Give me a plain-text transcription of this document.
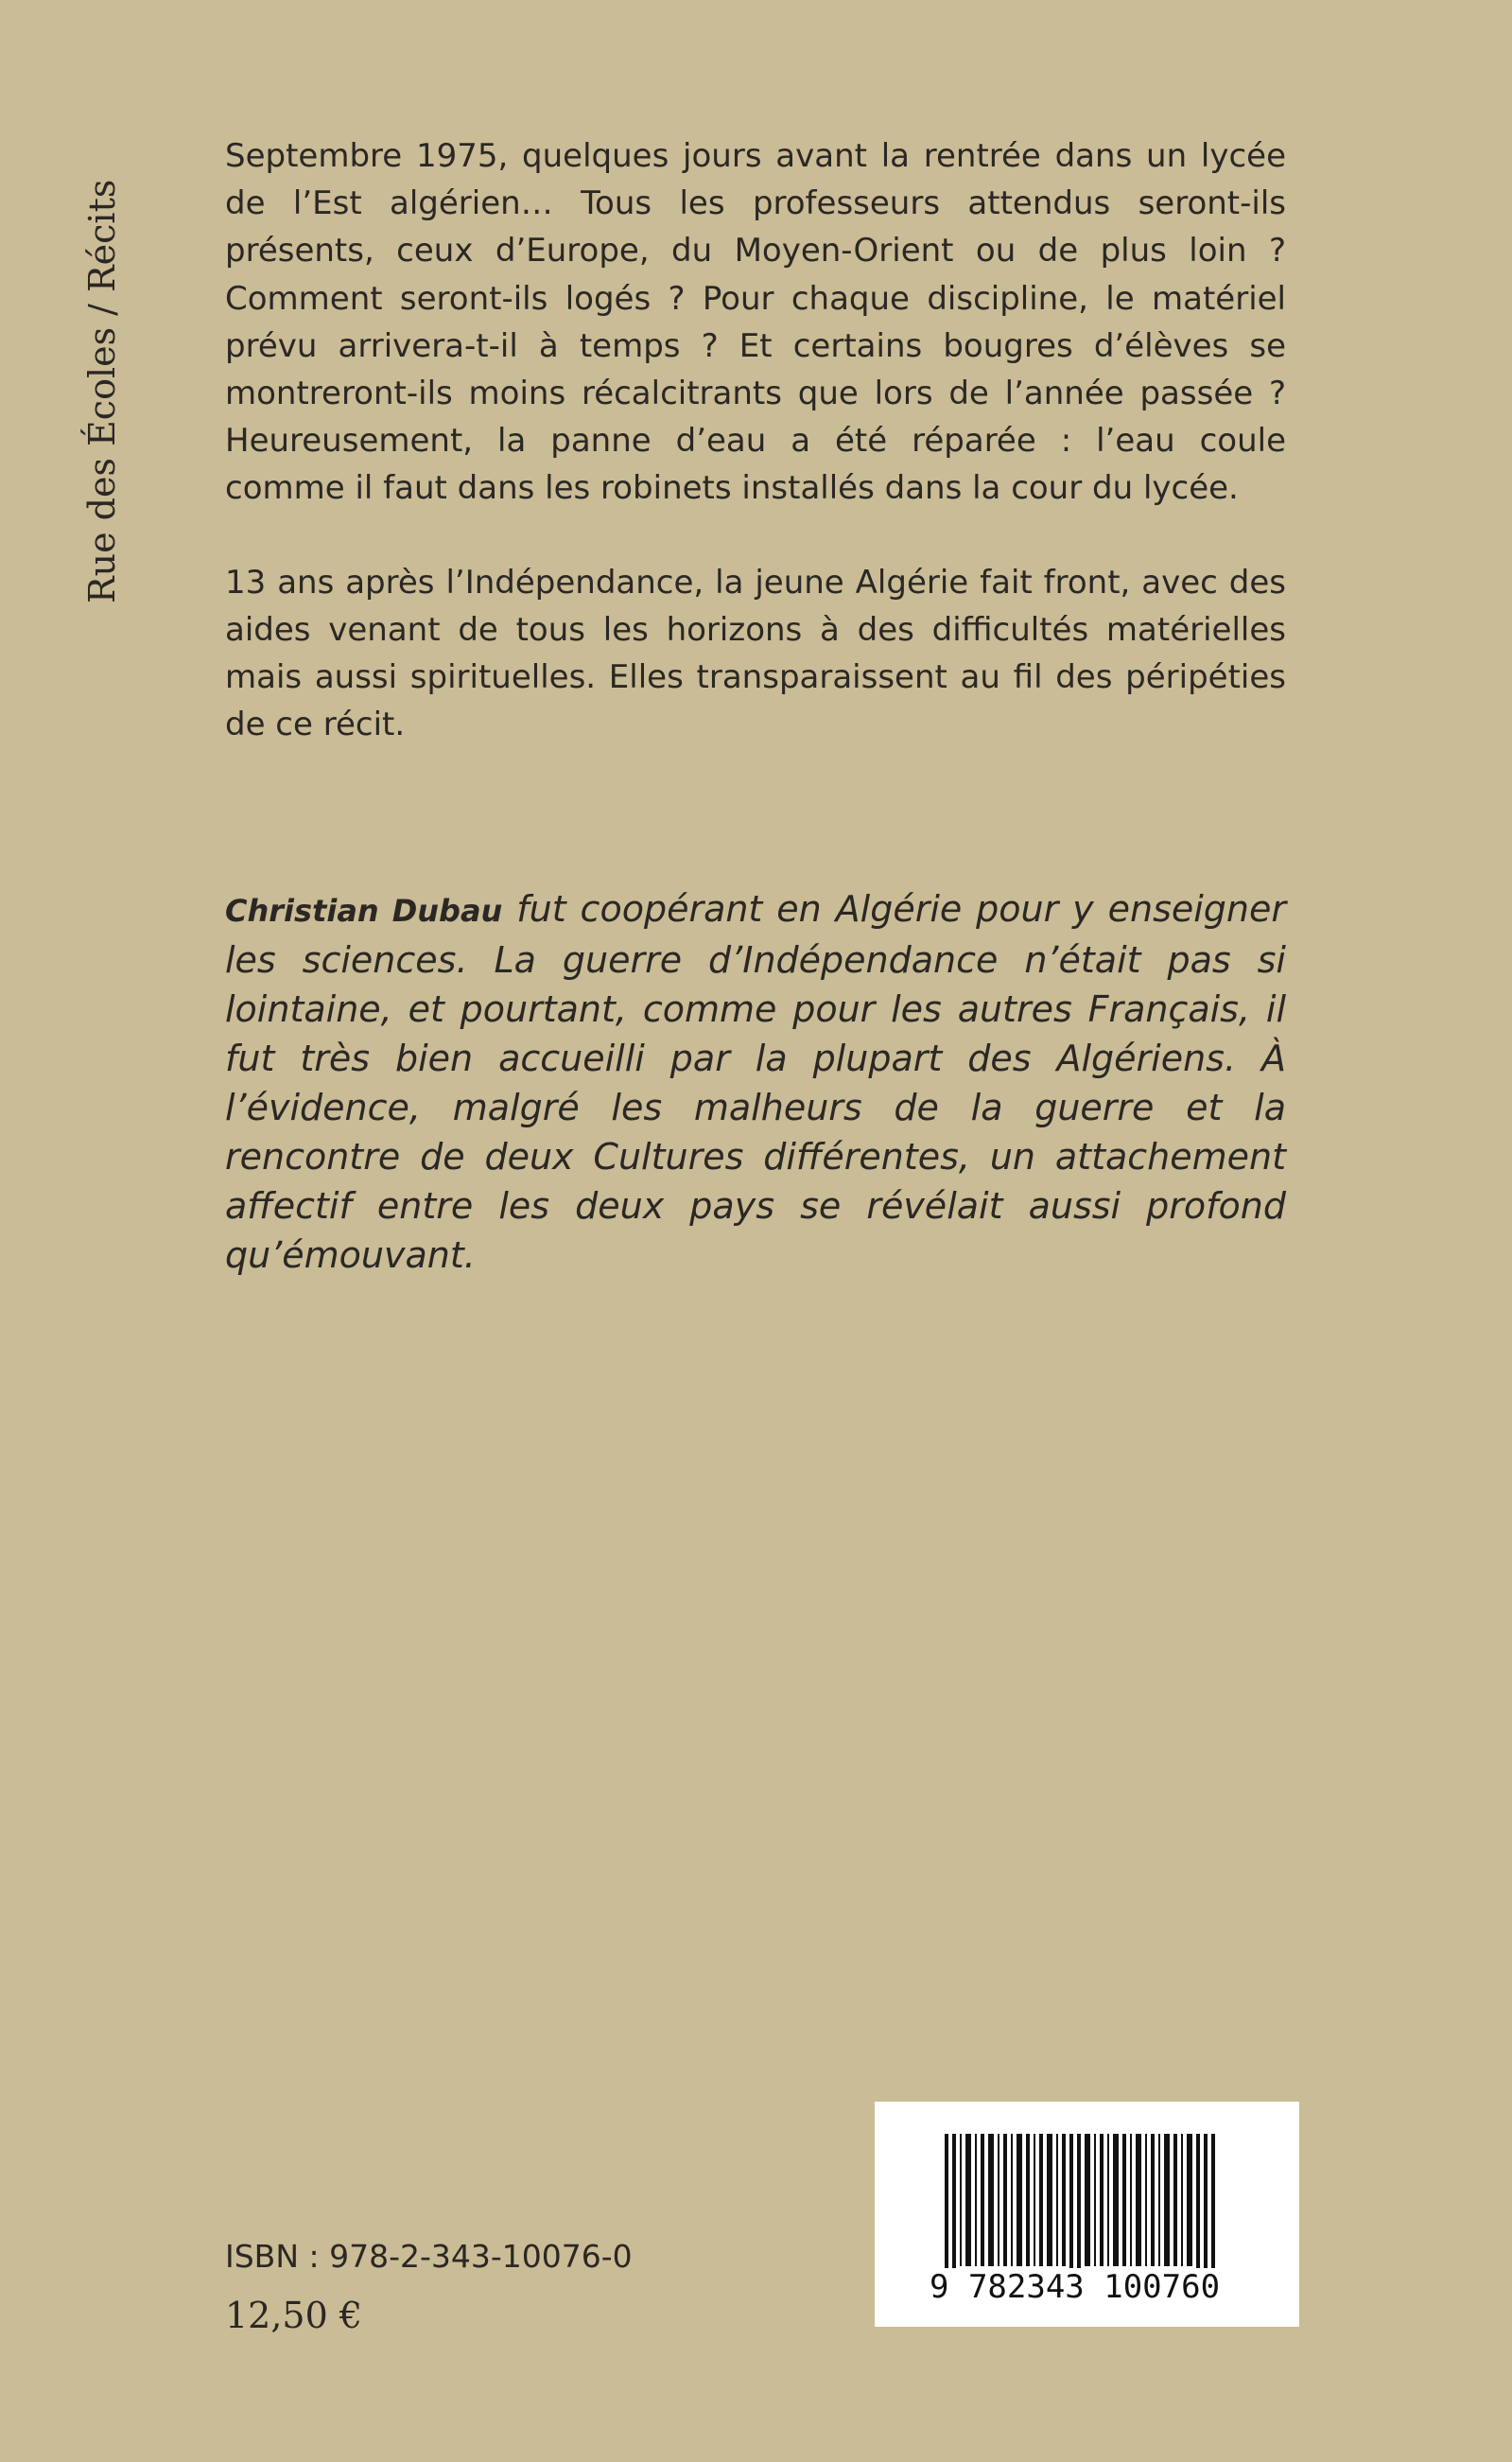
Rue des Écoles / Récits

Septembre 1975, quelques jours avant la rentrée dans un lycée de l’Est algérien… Tous les professeurs attendus seront-ils présents, ceux d’Europe, du Moyen-Orient ou de plus loin ? Comment seront-ils logés ? Pour chaque discipline, le matériel prévu arrivera-t-il à temps ? Et certains bougres d’élèves se montreront-ils moins récalcitrants que lors de l’année passée ? Heureusement, la panne d’eau a été réparée : l’eau coule comme il faut dans les robinets installés dans la cour du lycée.

13 ans après l’Indépendance, la jeune Algérie fait front, avec des aides venant de tous les horizons à des difficultés matérielles mais aussi spirituelles. Elles transparaissent au fil des péripéties de ce récit.

Christian Dubau fut coopérant en Algérie pour y enseigner les sciences. La guerre d’Indépendance n’était pas si lointaine, et pourtant, comme pour les autres Français, il fut très bien accueilli par la plupart des Algériens. À l’évidence, malgré les malheurs de la guerre et la rencontre de deux Cultures différentes, un attachement affectif entre les deux pays se révélait aussi profond qu’émouvant.

ISBN : 978-2-343-10076-0
12,50 €
9 782343 100760
